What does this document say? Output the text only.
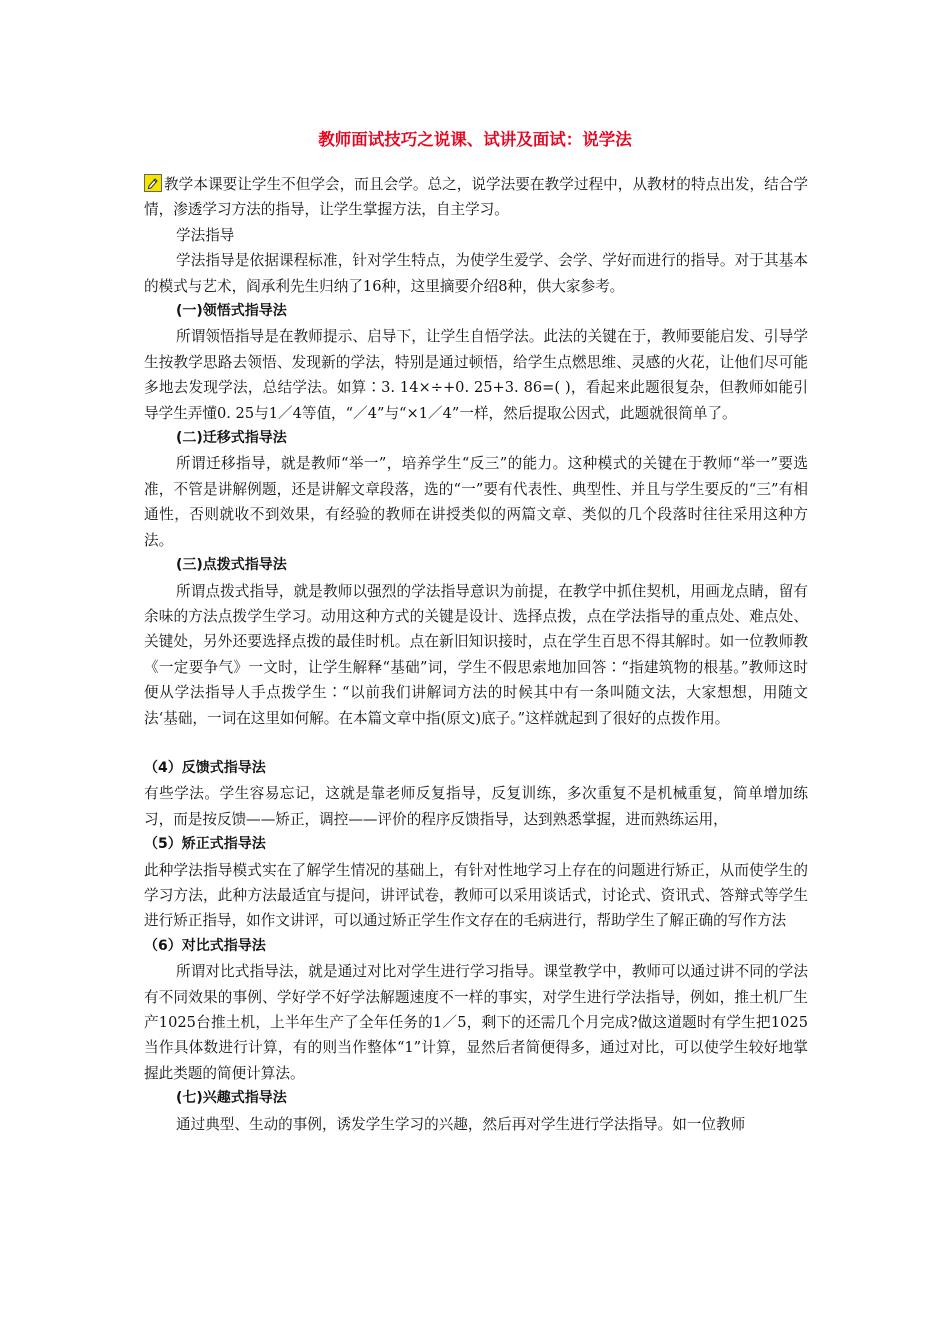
教师面试技巧之说课、试讲及面试：说学法

教学本课要让学生不但学会，而且会学。总之，说学法要在教学过程中，从教材的特点出发，结合学情，渗透学习方法的指导，让学生掌握方法，自主学习。

学法指导

学法指导是依据课程标准，针对学生特点，为使学生爱学、会学、学好而进行的指导。对于其基本的模式与艺术，阎承利先生归纳了16种，这里摘要介绍8种，供大家参考。

(一)领悟式指导法

所谓领悟指导是在教师提示、启导下，让学生自悟学法。此法的关键在于，教师要能启发、引导学生按教学思路去领悟、发现新的学法，特别是通过顿悟，给学生点燃思维、灵感的火花，让他们尽可能多地去发现学法，总结学法。如算∶3. 14×÷+0. 25+3. 86=( )，看起来此题很复杂，但教师如能引导学生弄懂0. 25与1／4等值，“／4”与“×1／4”一样，然后提取公因式，此题就很简单了。

(二)迁移式指导法

所谓迁移指导，就是教师“举一”，培养学生“反三”的能力。这种模式的关键在于教师“举一”要选准，不管是讲解例题，还是讲解文章段落，选的“一”要有代表性、典型性、并且与学生要反的“三”有相通性，否则就收不到效果，有经验的教师在讲授类似的两篇文章、类似的几个段落时往往采用这种方法。

(三)点拨式指导法

所谓点拨式指导，就是教师以强烈的学法指导意识为前提，在教学中抓住契机，用画龙点睛，留有余味的方法点拨学生学习。动用这种方式的关键是设计、选择点拨，点在学法指导的重点处、难点处、关键处，另外还要选择点拨的最佳时机。点在新旧知识接时，点在学生百思不得其解时。如一位教师教《一定要争气》一文时，让学生解释“基础”词，学生不假思索地加回答∶“指建筑物的根基。”教师这时便从学法指导人手点拨学生∶“以前我们讲解词方法的时候其中有一条叫随文法，大家想想，用随文法‘基础，一词在这里如何解。在本篇文章中指(原文)底子。”这样就起到了很好的点拨作用。

（4）反馈式指导法

有些学法。学生容易忘记，这就是靠老师反复指导，反复训练，多次重复不是机械重复，简单增加练习，而是按反馈——矫正，调控——评价的程序反馈指导，达到熟悉掌握，进而熟练运用，

（5）矫正式指导法

此种学法指导模式实在了解学生情况的基础上，有针对性地学习上存在的问题进行矫正，从而使学生的学习方法，此种方法最适宜与提问，讲评试卷，教师可以采用谈话式，讨论式、资讯式、答辩式等学生进行矫正指导，如作文讲评，可以通过矫正学生作文存在的毛病进行，帮助学生了解正确的写作方法

（6）对比式指导法

所谓对比式指导法，就是通过对比对学生进行学习指导。课堂教学中，教师可以通过讲不同的学法有不同效果的事例、学好学不好学法解题速度不一样的事实，对学生进行学法指导，例如，推土机厂生产1025台推土机，上半年生产了全年任务的1／5，剩下的还需几个月完成?做这道题时有学生把1025当作具体数进行计算，有的则当作整体“1”计算，显然后者简便得多，通过对比，可以使学生较好地掌握此类题的简便计算法。

(七)兴趣式指导法

通过典型、生动的事例，诱发学生学习的兴趣，然后再对学生进行学法指导。如一位教师
